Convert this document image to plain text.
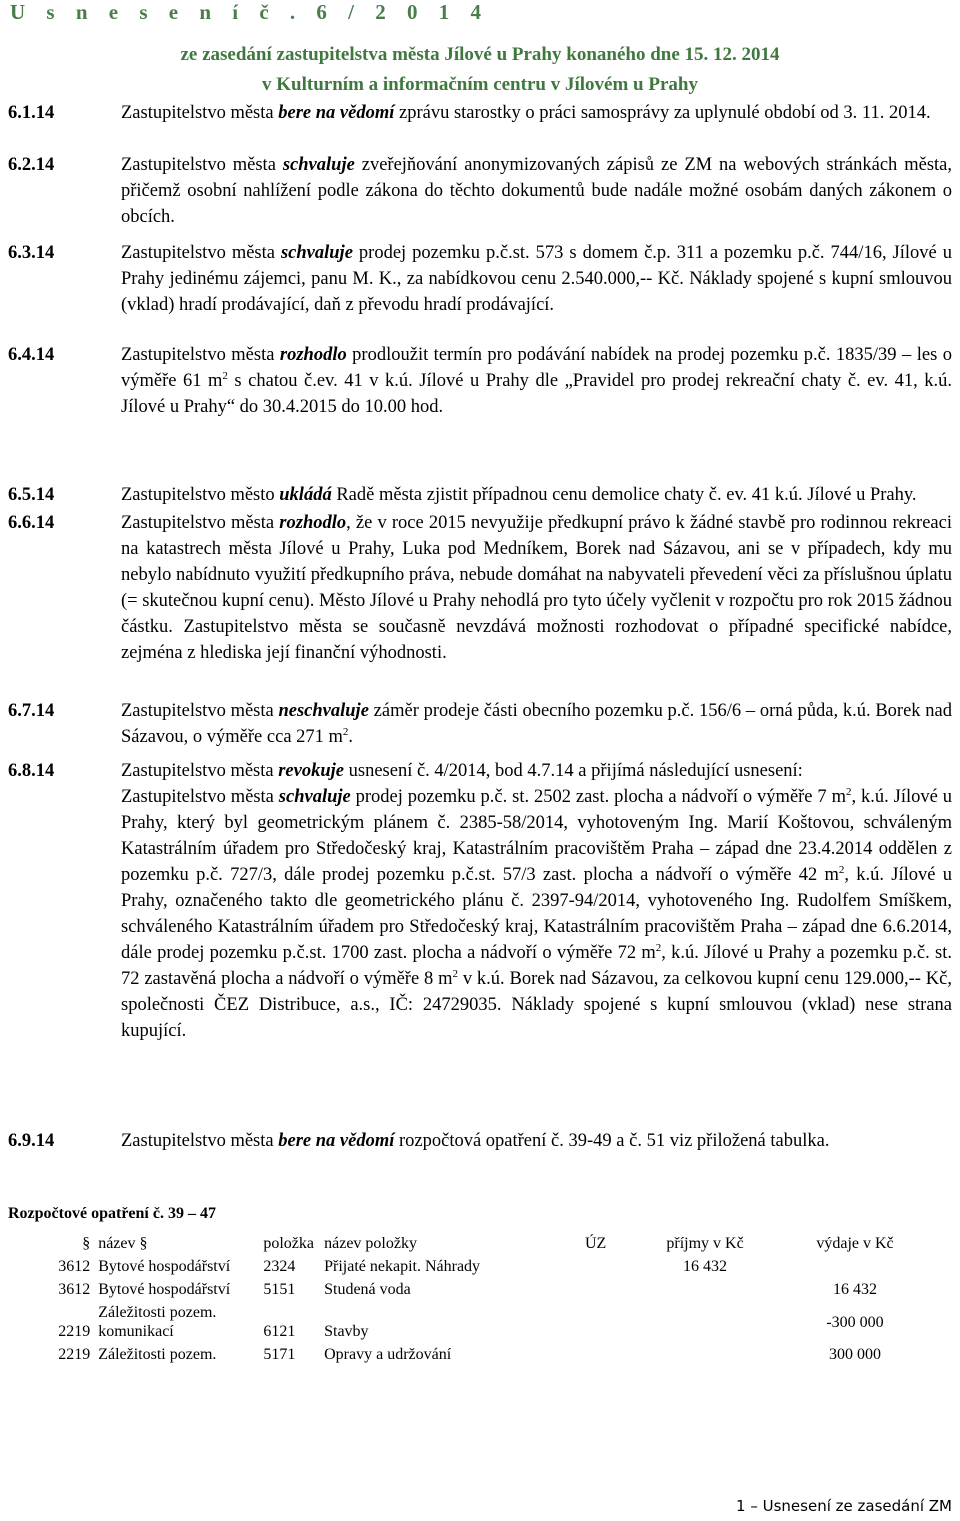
U s n e s e n í č . 6 / 2 0 1 4
ze zasedání zastupitelstva města Jílové u Prahy konaného dne 15. 12. 2014
v Kulturním a informačním centru v Jílovém u Prahy
6.1.14	Zastupitelstvo města bere na vědomí zprávu starostky o práci samosprávy za uplynulé období od 3. 11. 2014.
6.2.14	Zastupitelstvo města schvaluje zveřejňování anonymizovaných zápisů ze ZM na webových stránkách města, přičemž osobní nahlížení podle zákona do těchto dokumentů bude nadále možné osobám daných zákonem o obcích.
6.3.14	Zastupitelstvo města schvaluje prodej pozemku p.č.st. 573 s domem č.p. 311 a pozemku p.č. 744/16, Jílové u Prahy jedinému zájemci, panu M. K., za nabídkovou cenu 2.540.000,-- Kč. Náklady spojené s kupní smlouvou (vklad) hradí prodávající, daň z převodu hradí prodávající.
6.4.14	Zastupitelstvo města rozhodlo prodloužit termín pro podávání nabídek na prodej pozemku p.č. 1835/39 – les o výměře 61 $m^2$ s chatou č.ev. 41 v k.ú. Jílové u Prahy dle „Pravidel pro prodej rekreační chaty č. ev. 41, k.ú. Jílové u Prahy“ do 30.4.2015 do 10.00 hod.
6.5.14	Zastupitelstvo město ukládá Radě města zjistit případnou cenu demolice chaty č. ev. 41 k.ú. Jílové u Prahy.
6.6.14	Zastupitelstvo města rozhodlo, že v roce 2015 nevyužije předkupní právo k žádné stavbě pro rodinnou rekreaci na katastrech města Jílové u Prahy, Luka pod Medníkem, Borek nad Sázavou, ani se v případech, kdy mu nebylo nabídnuto využití předkupního práva, nebude domáhat na nabyvateli převedení věci za příslušnou úplatu (= skutečnou kupní cenu). Město Jílové u Prahy nehodlá pro tyto účely vyčlenit v rozpočtu pro rok 2015 žádnou částku. Zastupitelstvo města se současně nevzdává možnosti rozhodovat o případné specifické nabídce, zejména z hlediska její finanční výhodnosti.
6.7.14	Zastupitelstvo města neschvaluje záměr prodeje části obecního pozemku p.č. 156/6 – orná půda, k.ú. Borek nad Sázavou, o výměře cca 271 $m^2$.
6.8.14	Zastupitelstvo města revokuje usnesení č. 4/2014, bod 4.7.14 a přijímá následující usnesení:
Zastupitelstvo města schvaluje prodej pozemku p.č. st. 2502 zast. plocha a nádvoří o výměře 7 $m^2$, k.ú. Jílové u Prahy, který byl geometrickým plánem č. 2385-58/2014, vyhotoveným Ing. Marií Koštovou, schváleným Katastrálním úřadem pro Středočeský kraj, Katastrálním pracovištěm Praha – západ dne 23.4.2014 oddělen z pozemku p.č. 727/3, dále prodej pozemku p.č.st. 57/3 zast. plocha a nádvoří o výměře 42 $m^2$, k.ú. Jílové u Prahy, označeného takto dle geometrického plánu č. 2397-94/2014, vyhotoveného Ing. Rudolfem Smíškem, schváleného Katastrálním úřadem pro Středočeský kraj, Katastrálním pracovištěm Praha – západ dne 6.6.2014, dále prodej pozemku p.č.st. 1700 zast. plocha a nádvoří o výměře 72 $m^2$, k.ú. Jílové u Prahy a pozemku p.č. st. 72 zastavěná plocha a nádvoří o výměře 8 $m^2$ v k.ú. Borek nad Sázavou, za celkovou kupní cenu 129.000,-- Kč, společnosti ČEZ Distribuce, a.s., IČ: 24729035. Náklady spojené s kupní smlouvou (vklad) nese strana kupující.
6.9.14	Zastupitelstvo města bere na vědomí rozpočtová opatření č. 39-49 a č. 51 viz přiložená tabulka.
Rozpočtové opatření č. 39 – 47
§	název §	položka	název položky	ÚZ	příjmy v Kč	výdaje v Kč
3612	Bytové hospodářství	2324	Přijaté nekapit. Náhrady		16 432	
3612	Bytové hospodářství	5151	Studená voda			16 432
2219	Záležitosti pozem. komunikací	6121	Stavby			-300 000
2219	Záležitosti pozem.	5171	Opravy a udržování			300 000
1 – Usnesení ze zasedání ZM
